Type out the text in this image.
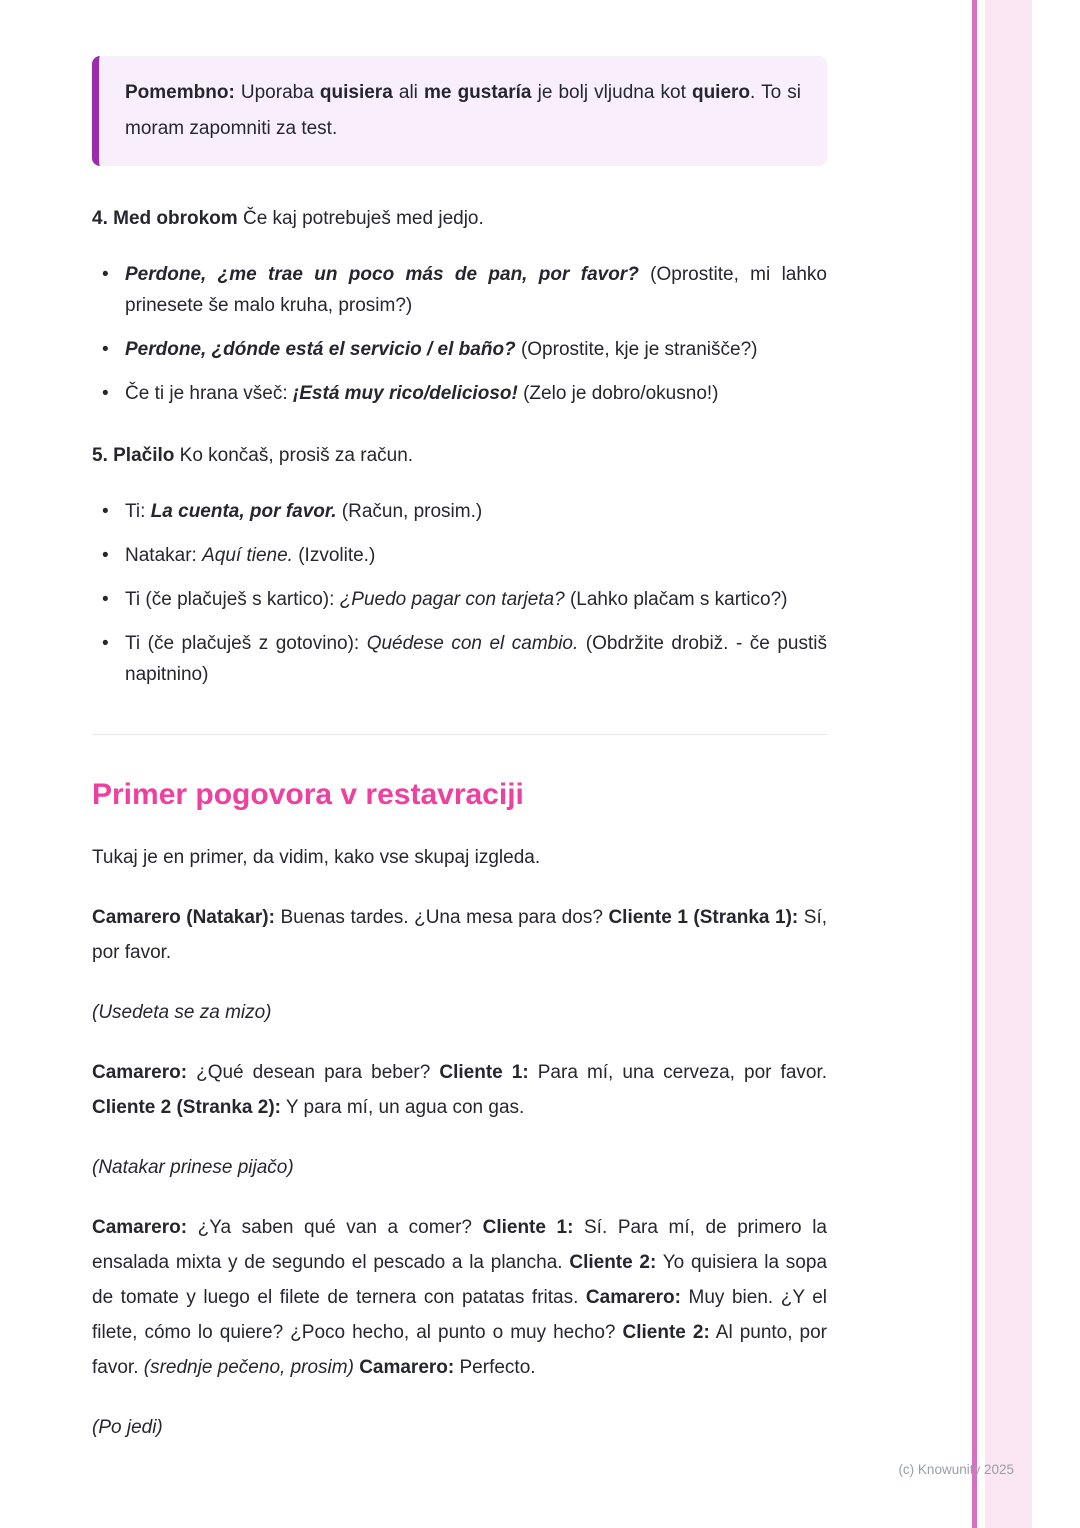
Pomembno: Uporaba quisiera ali me gustaría je bolj vljudna kot quiero. To si moram zapomniti za test.

4. Med obrokom Če kaj potrebuješ med jedjo.

• Perdone, ¿me trae un poco más de pan, por favor? (Oprostite, mi lahko prinesete še malo kruha, prosim?)
• Perdone, ¿dónde está el servicio / el baño? (Oprostite, kje je stranišče?)
• Če ti je hrana všeč: ¡Está muy rico/delicioso! (Zelo je dobro/okusno!)

5. Plačilo Ko končaš, prosiš za račun.

• Ti: La cuenta, por favor. (Račun, prosim.)
• Natakar: Aquí tiene. (Izvolite.)
• Ti (če plačuješ s kartico): ¿Puedo pagar con tarjeta? (Lahko plačam s kartico?)
• Ti (če plačuješ z gotovino): Quédese con el cambio. (Obdržite drobiž. - če pustiš napitnino)
Primer pogovora v restavraciji

Tukaj je en primer, da vidim, kako vse skupaj izgleda.

Camarero (Natakar): Buenas tardes. ¿Una mesa para dos? Cliente 1 (Stranka 1): Sí, por favor.

(Usedeta se za mizo)

Camarero: ¿Qué desean para beber? Cliente 1: Para mí, una cerveza, por favor. Cliente 2 (Stranka 2): Y para mí, un agua con gas.

(Natakar prinese pijačo)

Camarero: ¿Ya saben qué van a comer? Cliente 1: Sí. Para mí, de primero la ensalada mixta y de segundo el pescado a la plancha. Cliente 2: Yo quisiera la sopa de tomate y luego el filete de ternera con patatas fritas. Camarero: Muy bien. ¿Y el filete, cómo lo quiere? ¿Poco hecho, al punto o muy hecho? Cliente 2: Al punto, por favor. (srednje pečeno, prosim) Camarero: Perfecto.

(Po jedi)

(c) Knowunity 2025
